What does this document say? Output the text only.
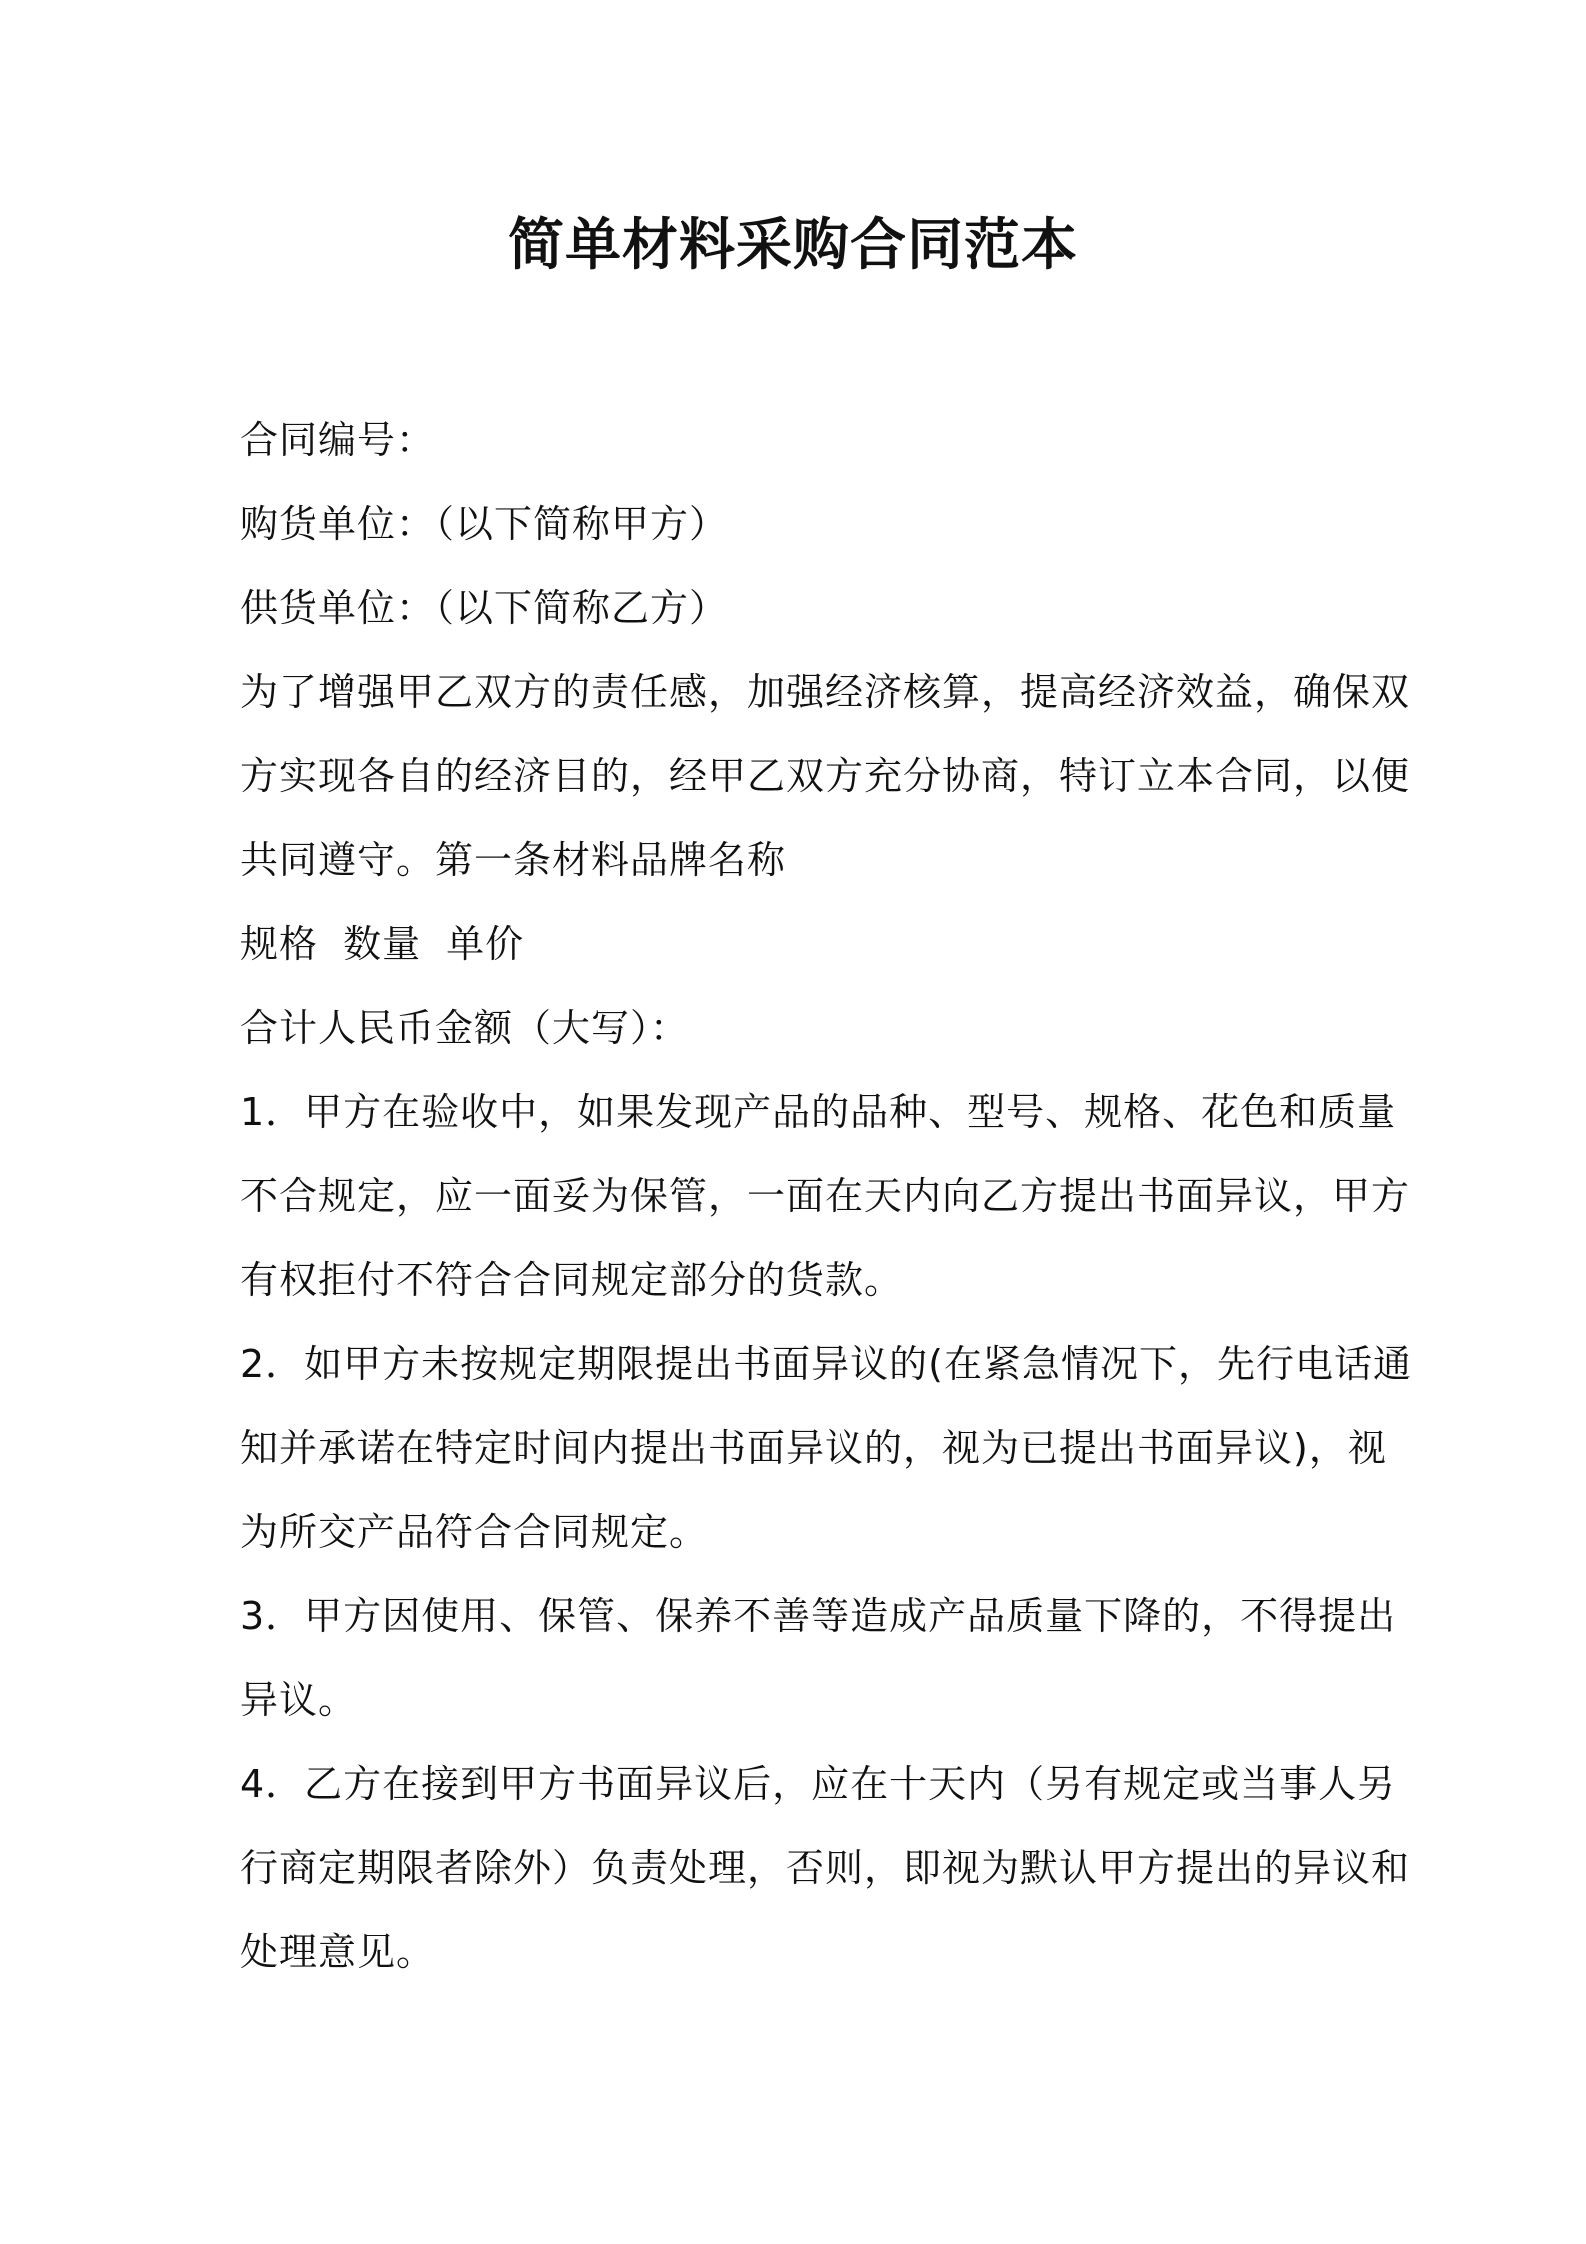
简单材料采购合同范本
合同编号：
购货单位：（以下简称甲方）
供货单位：（以下简称乙方）
为了增强甲乙双方的责任感，加强经济核算，提高经济效益，确保双
方实现各自的经济目的，经甲乙双方充分协商，特订立本合同，以便
共同遵守。第一条材料品牌名称
规格 数量 单价
合计人民币金额（大写）：
1．甲方在验收中，如果发现产品的品种、型号、规格、花色和质量
不合规定，应一面妥为保管，一面在天内向乙方提出书面异议，甲方
有权拒付不符合合同规定部分的货款。
2．如甲方未按规定期限提出书面异议的(在紧急情况下，先行电话通
知并承诺在特定时间内提出书面异议的，视为已提出书面异议)，视
为所交产品符合合同规定。
3．甲方因使用、保管、保养不善等造成产品质量下降的，不得提出
异议。
4．乙方在接到甲方书面异议后，应在十天内（另有规定或当事人另
行商定期限者除外）负责处理，否则，即视为默认甲方提出的异议和
处理意见。
